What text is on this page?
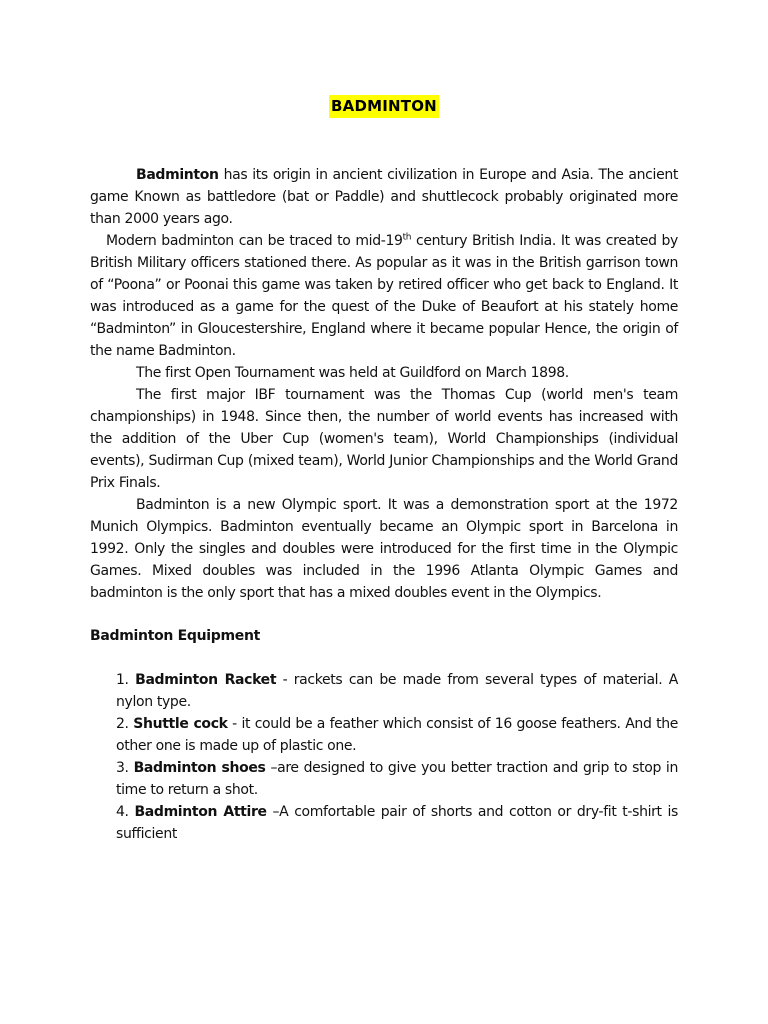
BADMINTON

Badminton has its origin in ancient civilization in Europe and Asia. The ancient game Known as battledore (bat or Paddle) and shuttlecock probably originated more than 2000 years ago.

Modern badminton can be traced to mid-19th century British India. It was created by British Military officers stationed there. As popular as it was in the British garrison town of “Poona” or Poonai this game was taken by retired officer who get back to England. It was introduced as a game for the quest of the Duke of Beaufort at his stately home “Badminton” in Gloucestershire, England where it became popular Hence, the origin of the name Badminton.

The first Open Tournament was held at Guildford on March 1898.

The first major IBF tournament was the Thomas Cup (world men's team championships) in 1948. Since then, the number of world events has increased with the addition of the Uber Cup (women's team), World Championships (individual events), Sudirman Cup (mixed team), World Junior Championships and the World Grand Prix Finals.

Badminton is a new Olympic sport. It was a demonstration sport at the 1972 Munich Olympics. Badminton eventually became an Olympic sport in Barcelona in 1992. Only the singles and doubles were introduced for the first time in the Olympic Games. Mixed doubles was included in the 1996 Atlanta Olympic Games and badminton is the only sport that has a mixed doubles event in the Olympics.

Badminton Equipment

1. Badminton Racket - rackets can be made from several types of material. A nylon type.

2. Shuttle cock - it could be a feather which consist of 16 goose feathers. And the other one is made up of plastic one.

3. Badminton shoes –are designed to give you better traction and grip to stop in time to return a shot.

4. Badminton Attire –A comfortable pair of shorts and cotton or dry-fit t-shirt is sufficient
